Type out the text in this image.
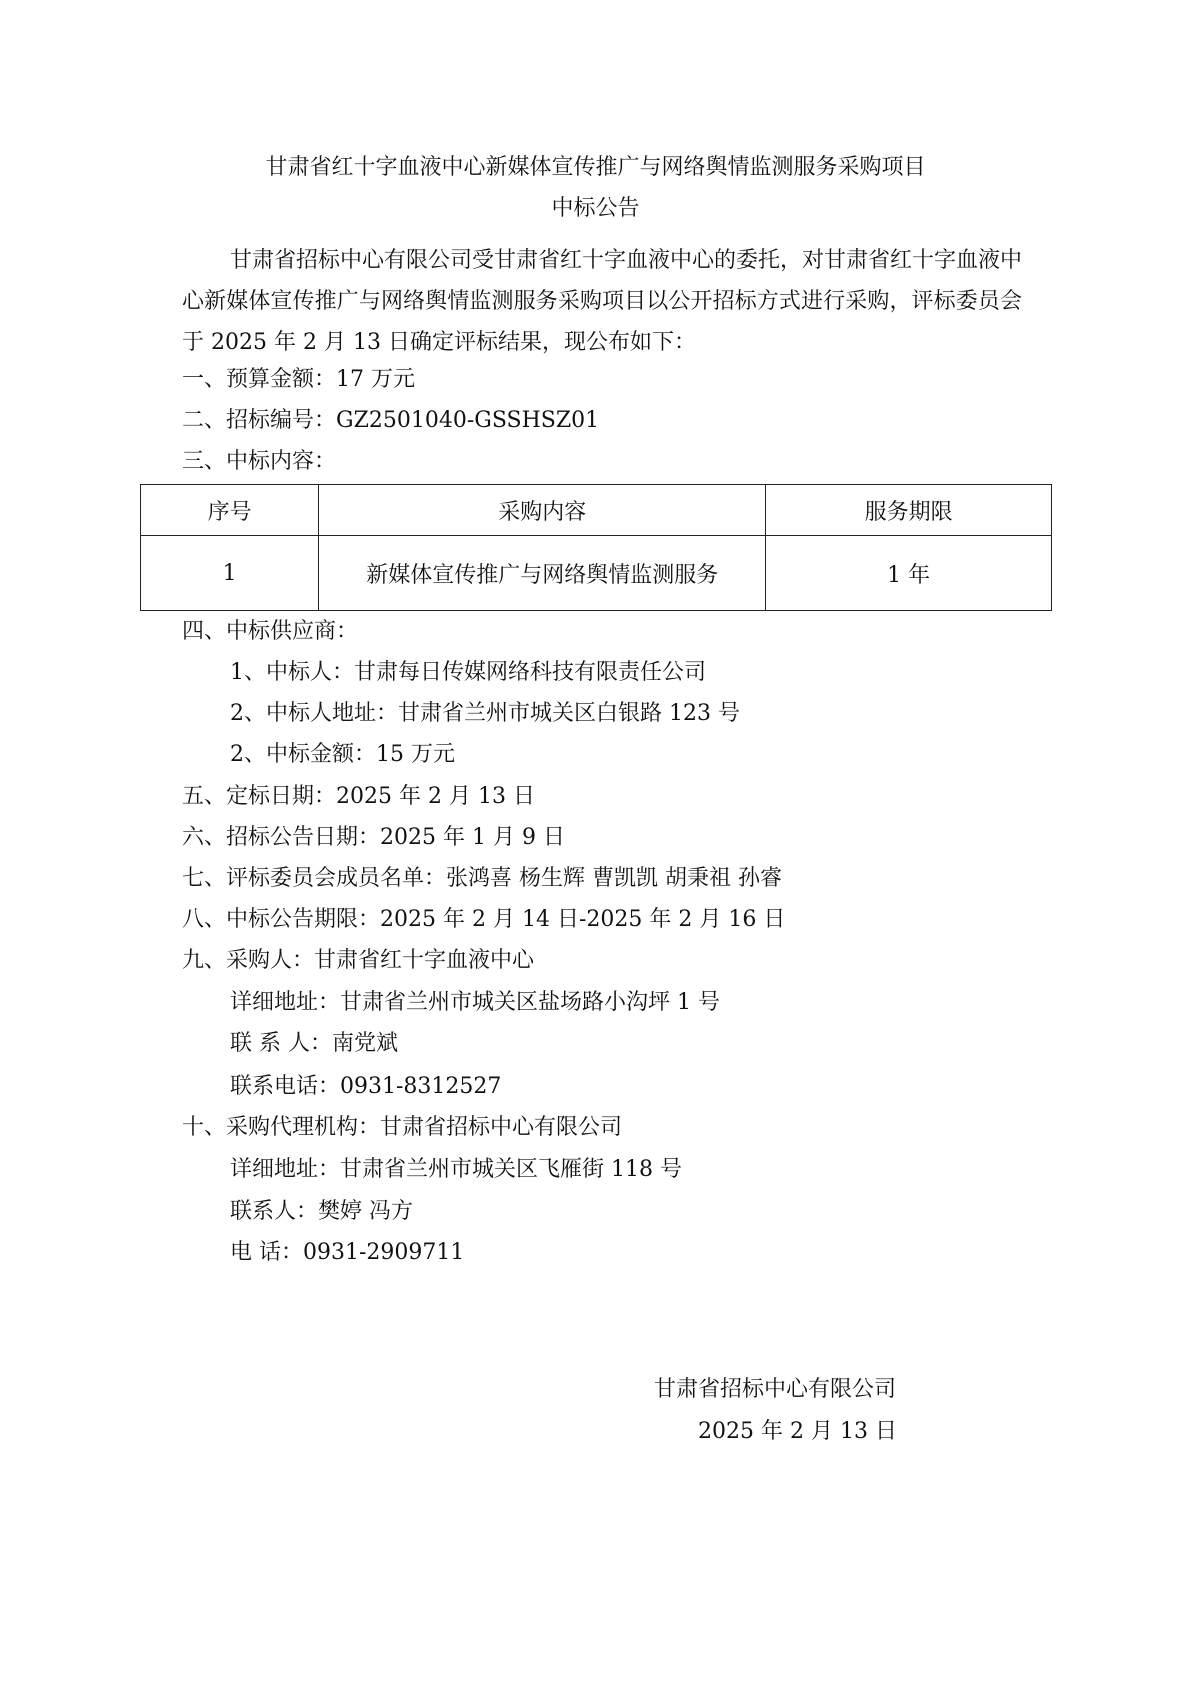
甘肃省红十字血液中心新媒体宣传推广与网络舆情监测服务采购项目
中标公告
甘肃省招标中心有限公司受甘肃省红十字血液中心的委托，对甘肃省红十字血液中心新媒体宣传推广与网络舆情监测服务采购项目以公开招标方式进行采购，评标委员会于 2025 年 2 月 13 日确定评标结果，现公布如下：
一、预算金额：17 万元
二、招标编号：GZ2501040-GSSHSZ01
三、中标内容：
序号	采购内容	服务期限
1	新媒体宣传推广与网络舆情监测服务	1 年
四、中标供应商：
1、中标人：甘肃每日传媒网络科技有限责任公司
2、中标人地址：甘肃省兰州市城关区白银路 123 号
2、中标金额：15 万元
五、定标日期：2025 年 2 月 13 日
六、招标公告日期：2025 年 1 月 9 日
七、评标委员会成员名单：张鸿喜 杨生辉 曹凯凯 胡秉祖 孙睿
八、中标公告期限：2025 年 2 月 14 日-2025 年 2 月 16 日
九、采购人：甘肃省红十字血液中心
详细地址：甘肃省兰州市城关区盐场路小沟坪 1 号
联 系 人：南党斌
联系电话：0931-8312527
十、采购代理机构：甘肃省招标中心有限公司
详细地址：甘肃省兰州市城关区飞雁街 118 号
联系人：樊婷 冯方
电 话：0931-2909711
甘肃省招标中心有限公司
2025 年 2 月 13 日
